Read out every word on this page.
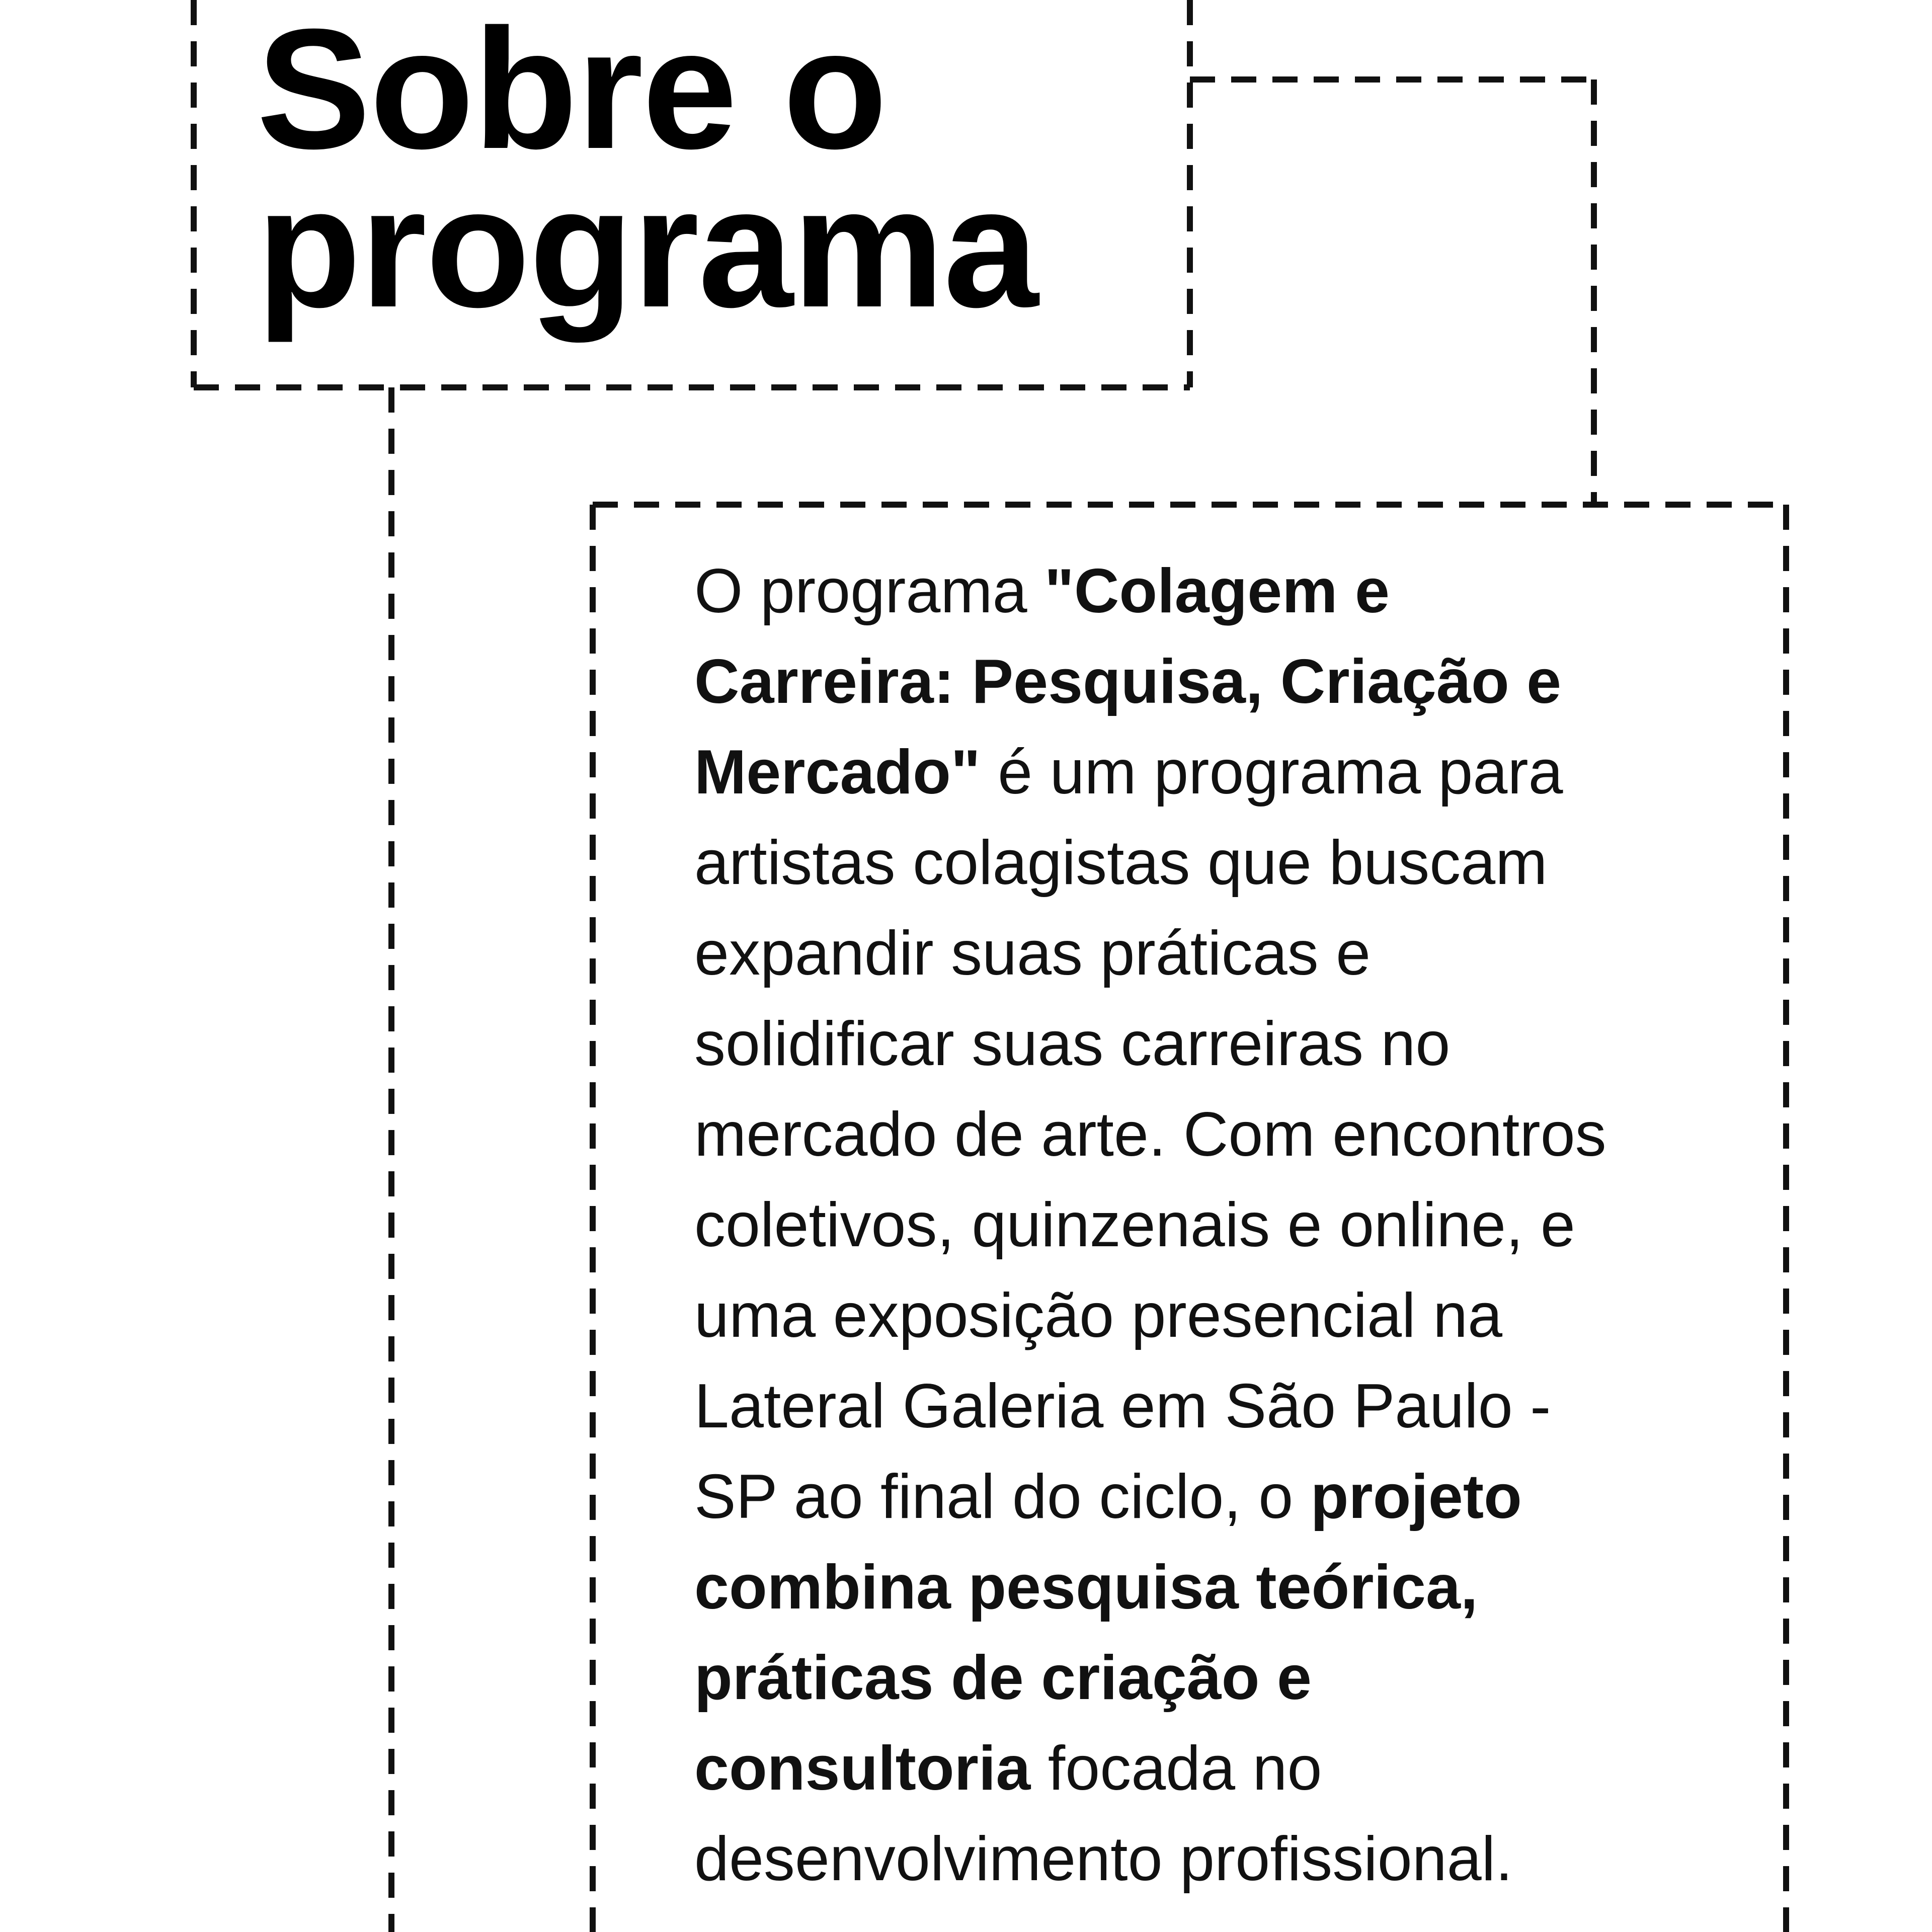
Sobre o
programa

O programa "Colagem e
Carreira: Pesquisa, Criação e
Mercado" é um programa para
artistas colagistas que buscam
expandir suas práticas e
solidificar suas carreiras no
mercado de arte. Com encontros
coletivos, quinzenais e online, e
uma exposição presencial na
Lateral Galeria em São Paulo -
SP ao final do ciclo, o projeto
combina pesquisa teórica,
práticas de criação e
consultoria focada no
desenvolvimento profissional.
